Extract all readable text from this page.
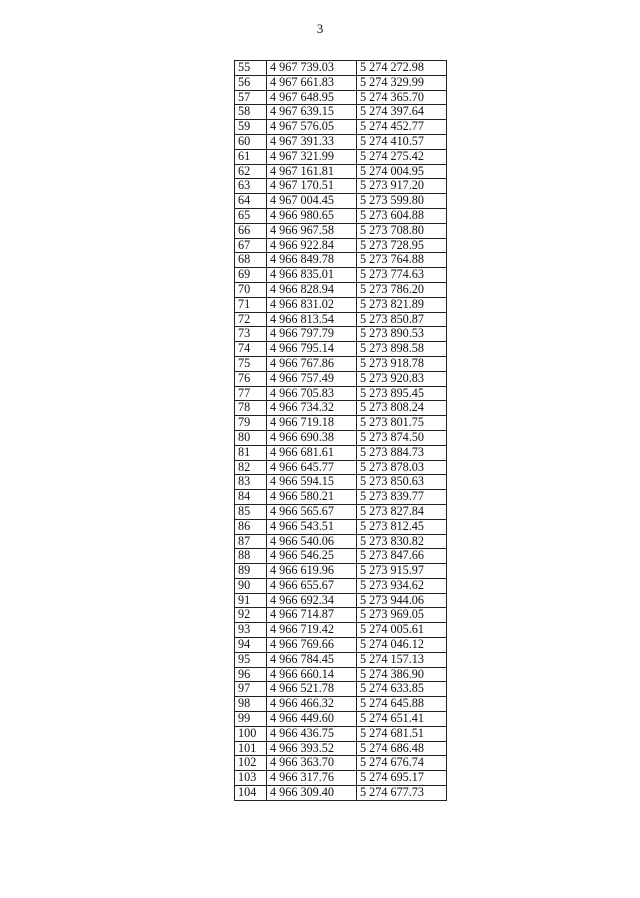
3
55	4 967 739.03	5 274 272.98
56	4 967 661.83	5 274 329.99
57	4 967 648.95	5 274 365.70
58	4 967 639.15	5 274 397.64
59	4 967 576.05	5 274 452.77
60	4 967 391.33	5 274 410.57
61	4 967 321.99	5 274 275.42
62	4 967 161.81	5 274 004.95
63	4 967 170.51	5 273 917.20
64	4 967 004.45	5 273 599.80
65	4 966 980.65	5 273 604.88
66	4 966 967.58	5 273 708.80
67	4 966 922.84	5 273 728.95
68	4 966 849.78	5 273 764.88
69	4 966 835.01	5 273 774.63
70	4 966 828.94	5 273 786.20
71	4 966 831.02	5 273 821.89
72	4 966 813.54	5 273 850.87
73	4 966 797.79	5 273 890.53
74	4 966 795.14	5 273 898.58
75	4 966 767.86	5 273 918.78
76	4 966 757.49	5 273 920.83
77	4 966 705.83	5 273 895.45
78	4 966 734.32	5 273 808.24
79	4 966 719.18	5 273 801.75
80	4 966 690.38	5 273 874.50
81	4 966 681.61	5 273 884.73
82	4 966 645.77	5 273 878.03
83	4 966 594.15	5 273 850.63
84	4 966 580.21	5 273 839.77
85	4 966 565.67	5 273 827.84
86	4 966 543.51	5 273 812.45
87	4 966 540.06	5 273 830.82
88	4 966 546.25	5 273 847.66
89	4 966 619.96	5 273 915.97
90	4 966 655.67	5 273 934.62
91	4 966 692.34	5 273 944.06
92	4 966 714.87	5 273 969.05
93	4 966 719.42	5 274 005.61
94	4 966 769.66	5 274 046.12
95	4 966 784.45	5 274 157.13
96	4 966 660.14	5 274 386.90
97	4 966 521.78	5 274 633.85
98	4 966 466.32	5 274 645.88
99	4 966 449.60	5 274 651.41
100	4 966 436.75	5 274 681.51
101	4 966 393.52	5 274 686.48
102	4 966 363.70	5 274 676.74
103	4 966 317.76	5 274 695.17
104	4 966 309.40	5 274 677.73
